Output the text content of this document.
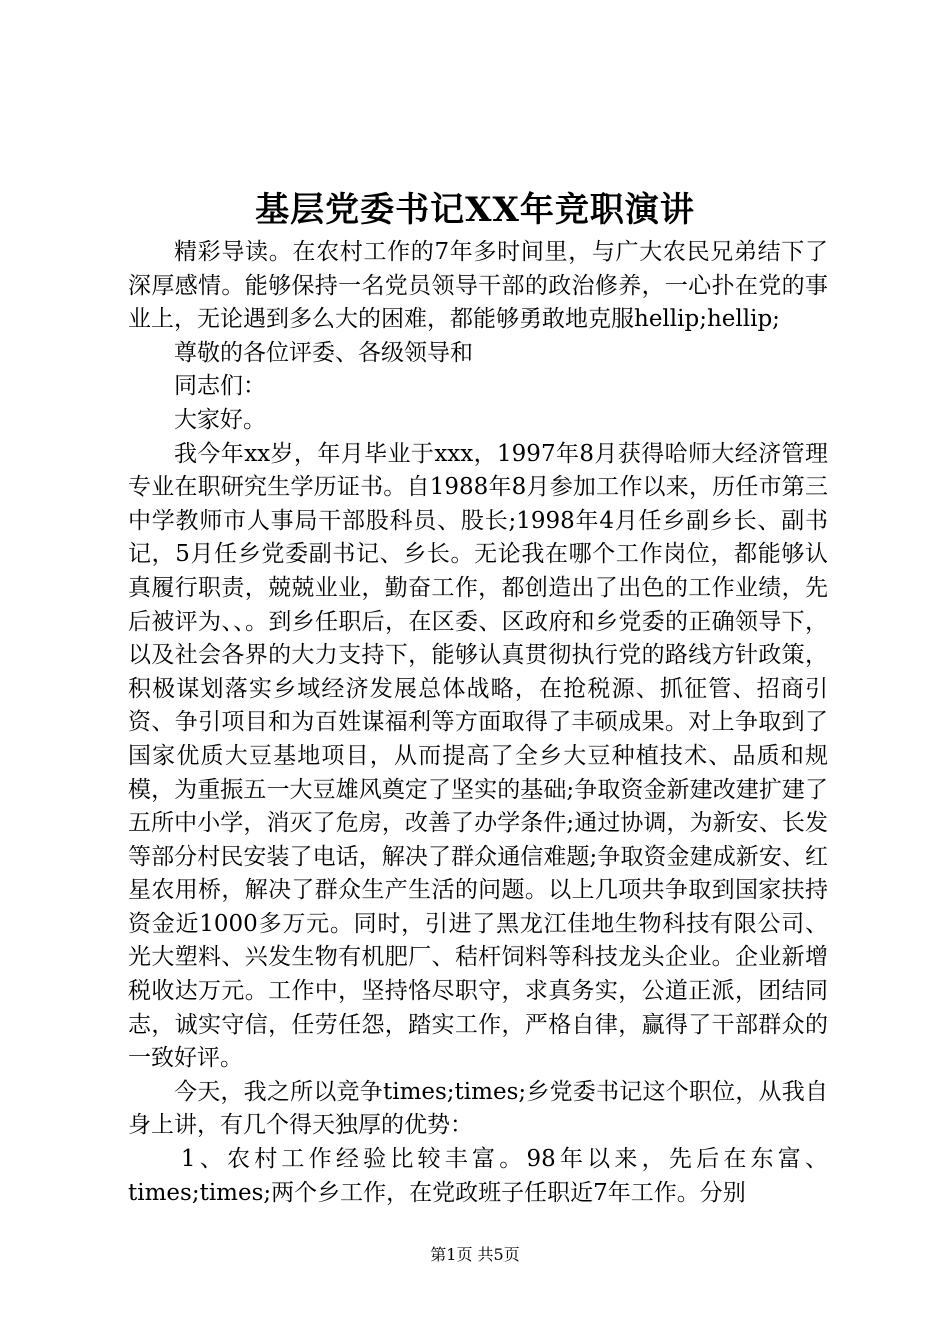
基层党委书记XX年竞职演讲

精彩导读。在农村工作的7年多时间里，与广大农民兄弟结下了深厚感情。能够保持一名党员领导干部的政治修养，一心扑在党的事业上，无论遇到多么大的困难，都能够勇敢地克服hellip;hellip;

尊敬的各位评委、各级领导和

同志们：

大家好。

我今年xx岁，年月毕业于xxx，1997年8月获得哈师大经济管理专业在职研究生学历证书。自1988年8月参加工作以来，历任市第三中学教师市人事局干部股科员、股长;1998年4月任乡副乡长、副书记，5月任乡党委副书记、乡长。无论我在哪个工作岗位，都能够认真履行职责，兢兢业业，勤奋工作，都创造出了出色的工作业绩，先后被评为、、。到乡任职后，在区委、区政府和乡党委的正确领导下，以及社会各界的大力支持下，能够认真贯彻执行党的路线方针政策，积极谋划落实乡域经济发展总体战略，在抢税源、抓征管、招商引资、争引项目和为百姓谋福利等方面取得了丰硕成果。对上争取到了国家优质大豆基地项目，从而提高了全乡大豆种植技术、品质和规模，为重振五一大豆雄风奠定了坚实的基础;争取资金新建改建扩建了五所中小学，消灭了危房，改善了办学条件;通过协调，为新安、长发等部分村民安装了电话，解决了群众通信难题;争取资金建成新安、红星农用桥，解决了群众生产生活的问题。以上几项共争取到国家扶持资金近1000多万元。同时，引进了黑龙江佳地生物科技有限公司、光大塑料、兴发生物有机肥厂、秸杆饲料等科技龙头企业。企业新增税收达万元。工作中，坚持恪尽职守，求真务实，公道正派，团结同志，诚实守信，任劳任怨，踏实工作，严格自律，赢得了干部群众的一致好评。

今天，我之所以竞争times;times;乡党委书记这个职位，从我自身上讲，有几个得天独厚的优势：

1、农村工作经验比较丰富。98年以来，先后在东富、times;times;两个乡工作，在党政班子任职近7年工作。分别

第1页 共5页
